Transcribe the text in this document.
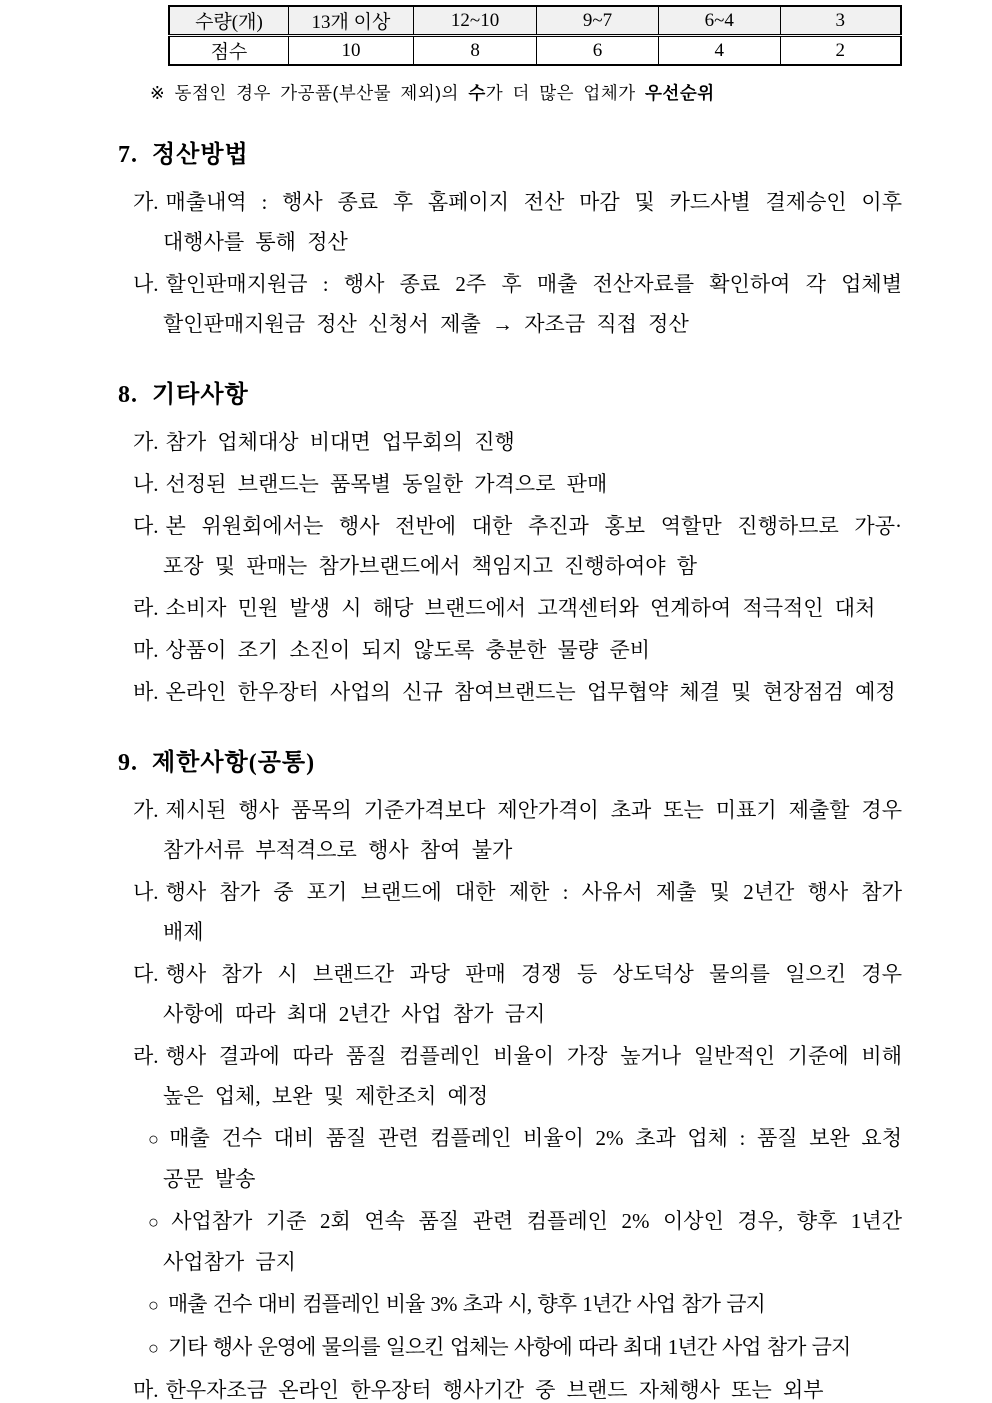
수량(개)	13개 이상	12~10	9~7	6~4	3
점수	10	8	6	4	2

※ 동점인 경우 가공품(부산물 제외)의 수가 더 많은 업체가 우선순위

7. 정산방법

가. 매출내역 : 행사 종료 후 홈페이지 전산 마감 및 카드사별 결제승인 이후 대행사를 통해 정산

나. 할인판매지원금 : 행사 종료 2주 후 매출 전산자료를 확인하여 각 업체별 할인판매지원금 정산 신청서 제출 → 자조금 직접 정산

8. 기타사항

가. 참가 업체대상 비대면 업무회의 진행

나. 선정된 브랜드는 품목별 동일한 가격으로 판매

다. 본 위원회에서는 행사 전반에 대한 추진과 홍보 역할만 진행하므로 가공·포장 및 판매는 참가브랜드에서 책임지고 진행하여야 함

라. 소비자 민원 발생 시 해당 브랜드에서 고객센터와 연계하여 적극적인 대처

마. 상품이 조기 소진이 되지 않도록 충분한 물량 준비

바. 온라인 한우장터 사업의 신규 참여브랜드는 업무협약 체결 및 현장점검 예정

9. 제한사항(공통)

가. 제시된 행사 품목의 기준가격보다 제안가격이 초과 또는 미표기 제출할 경우 참가서류 부적격으로 행사 참여 불가

나. 행사 참가 중 포기 브랜드에 대한 제한 : 사유서 제출 및 2년간 행사 참가 배제

다. 행사 참가 시 브랜드간 과당 판매 경쟁 등 상도덕상 물의를 일으킨 경우 사항에 따라 최대 2년간 사업 참가 금지

라. 행사 결과에 따라 품질 컴플레인 비율이 가장 높거나 일반적인 기준에 비해 높은 업체, 보완 및 제한조치 예정

○ 매출 건수 대비 품질 관련 컴플레인 비율이 2% 초과 업체 : 품질 보완 요청 공문 발송

○ 사업참가 기준 2회 연속 품질 관련 컴플레인 2% 이상인 경우, 향후 1년간 사업참가 금지

○ 매출 건수 대비 컴플레인 비율 3% 초과 시, 향후 1년간 사업 참가 금지

○ 기타 행사 운영에 물의를 일으킨 업체는 사항에 따라 최대 1년간 사업 참가 금지

마. 한우자조금 온라인 한우장터 행사기간 중 브랜드 자체행사 또는 외부
